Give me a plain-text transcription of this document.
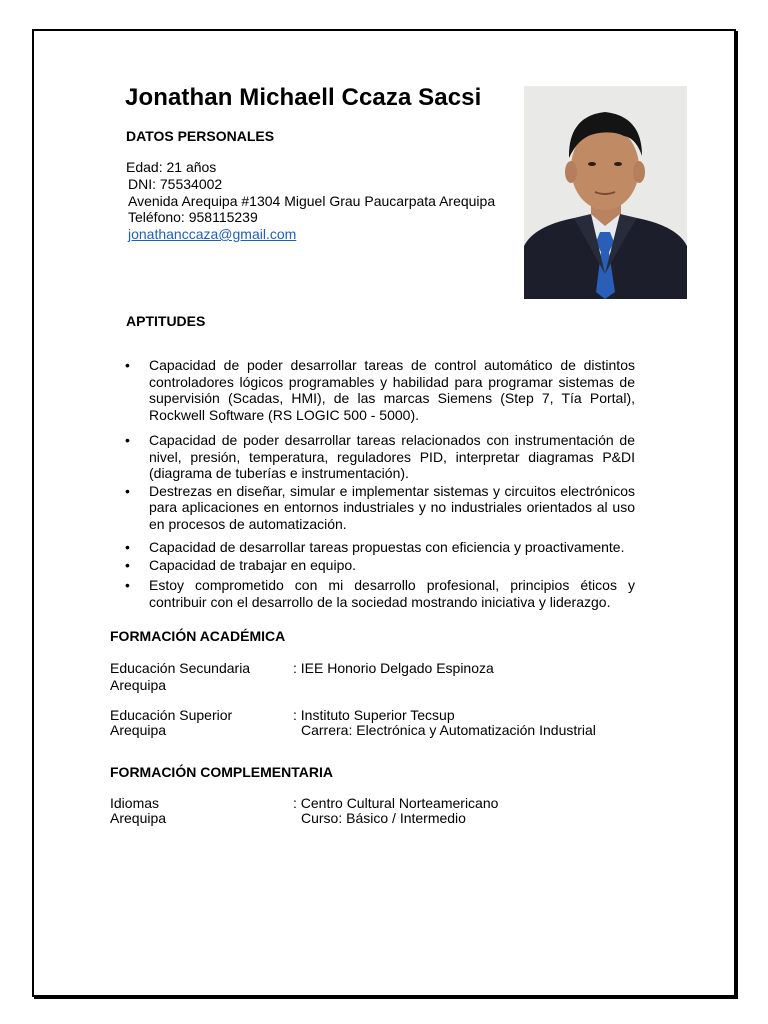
Jonathan Michaell Ccaza Sacsi
DATOS PERSONALES
Edad: 21 años
DNI: 75534002
Avenida Arequipa #1304 Miguel Grau Paucarpata Arequipa
Teléfono: 958115239
jonathanccaza@gmail.com
APTITUDES
• Capacidad de poder desarrollar tareas de control automático de distintos controladores lógicos programables y habilidad para programar sistemas de supervisión (Scadas, HMI), de las marcas Siemens (Step 7, Tía Portal), Rockwell Software (RS LOGIC 500 - 5000).
• Capacidad de poder desarrollar tareas relacionados con instrumentación de nivel, presión, temperatura, reguladores PID, interpretar diagramas P&DI (diagrama de tuberías e instrumentación).
• Destrezas en diseñar, simular e implementar sistemas y circuitos electrónicos para aplicaciones en entornos industriales y no industriales orientados al uso en procesos de automatización.
• Capacidad de desarrollar tareas propuestas con eficiencia y proactivamente.
• Capacidad de trabajar en equipo.
• Estoy comprometido con mi desarrollo profesional, principios éticos y contribuir con el desarrollo de la sociedad mostrando iniciativa y liderazgo.
FORMACIÓN ACADÉMICA
Educación Secundaria
Arequipa
: IEE Honorio Delgado Espinoza
Educación Superior
Arequipa
: Instituto Superior Tecsup
Carrera: Electrónica y Automatización Industrial
FORMACIÓN COMPLEMENTARIA
Idiomas
Arequipa
: Centro Cultural Norteamericano
Curso: Básico / Intermedio
